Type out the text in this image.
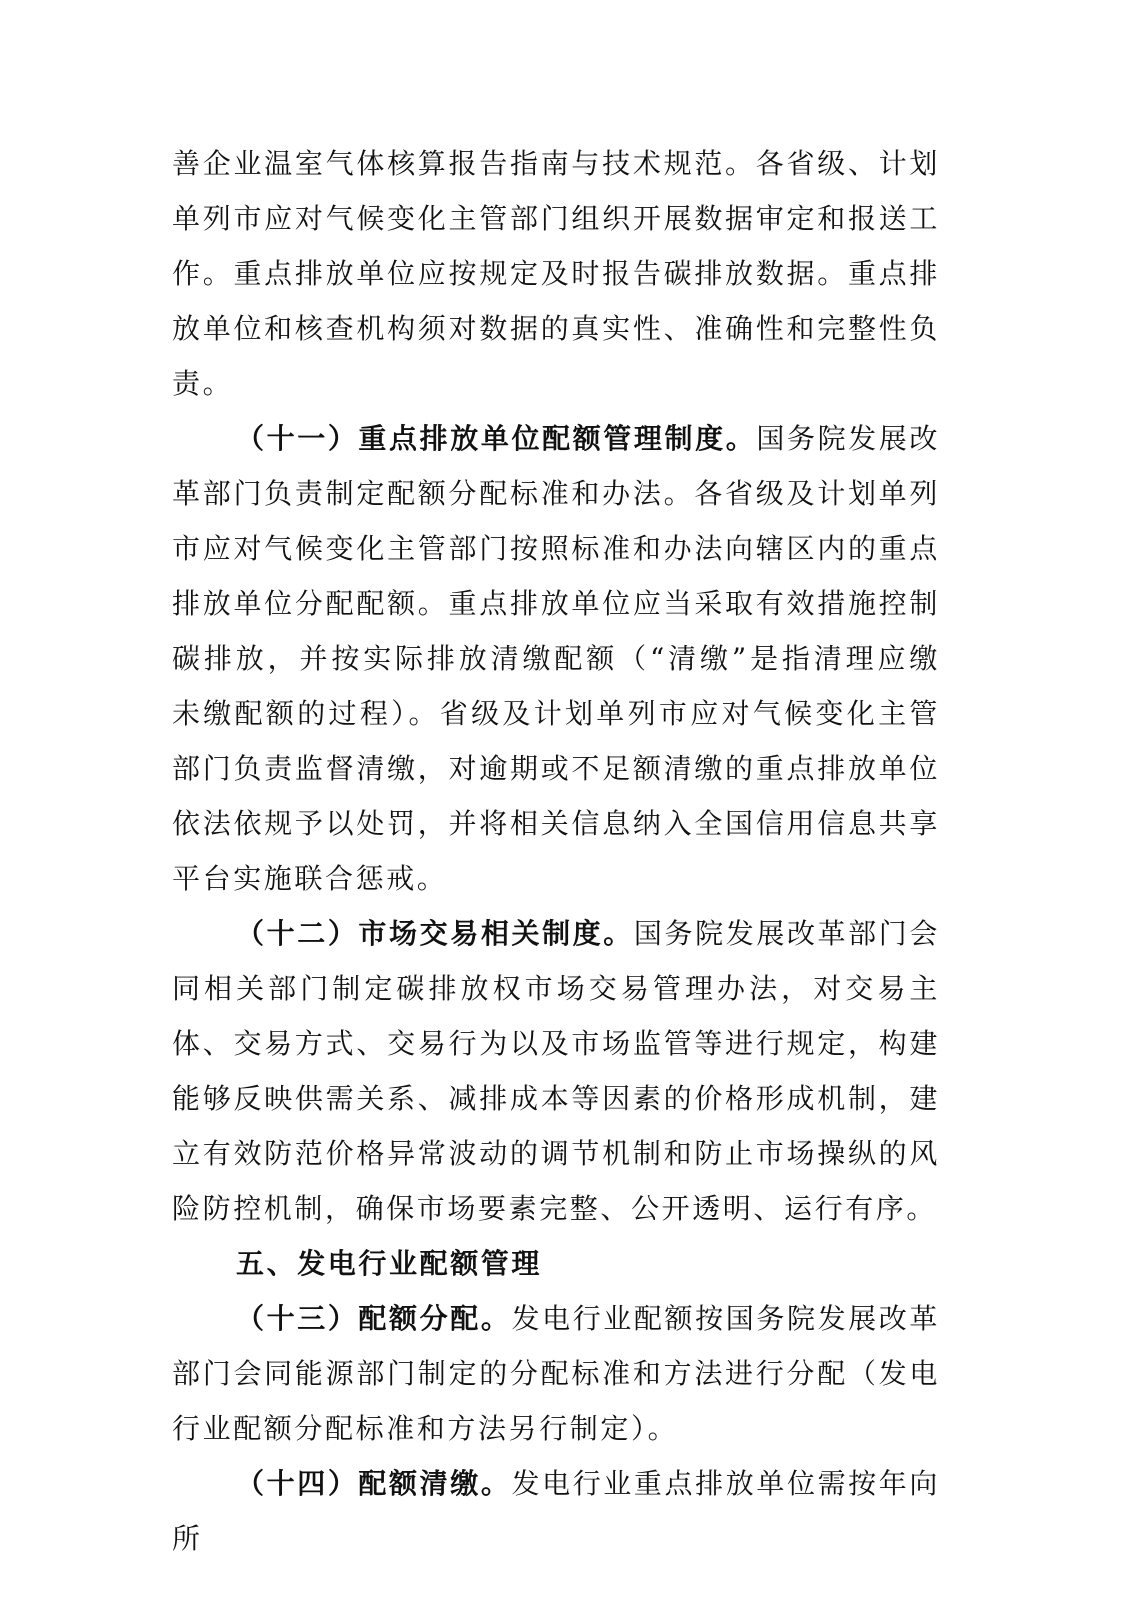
善企业温室气体核算报告指南与技术规范。各省级、计划单列市应对气候变化主管部门组织开展数据审定和报送工作。重点排放单位应按规定及时报告碳排放数据。重点排放单位和核查机构须对数据的真实性、准确性和完整性负责。

（十一）重点排放单位配额管理制度。国务院发展改革部门负责制定配额分配标准和办法。各省级及计划单列市应对气候变化主管部门按照标准和办法向辖区内的重点排放单位分配配额。重点排放单位应当采取有效措施控制碳排放，并按实际排放清缴配额（“清缴”是指清理应缴未缴配额的过程）。省级及计划单列市应对气候变化主管部门负责监督清缴，对逾期或不足额清缴的重点排放单位依法依规予以处罚，并将相关信息纳入全国信用信息共享平台实施联合惩戒。

（十二）市场交易相关制度。国务院发展改革部门会同相关部门制定碳排放权市场交易管理办法，对交易主体、交易方式、交易行为以及市场监管等进行规定，构建能够反映供需关系、减排成本等因素的价格形成机制，建立有效防范价格异常波动的调节机制和防止市场操纵的风险防控机制，确保市场要素完整、公开透明、运行有序。

五、发电行业配额管理

（十三）配额分配。发电行业配额按国务院发展改革部门会同能源部门制定的分配标准和方法进行分配（发电行业配额分配标准和方法另行制定）。

（十四）配额清缴。发电行业重点排放单位需按年向所
